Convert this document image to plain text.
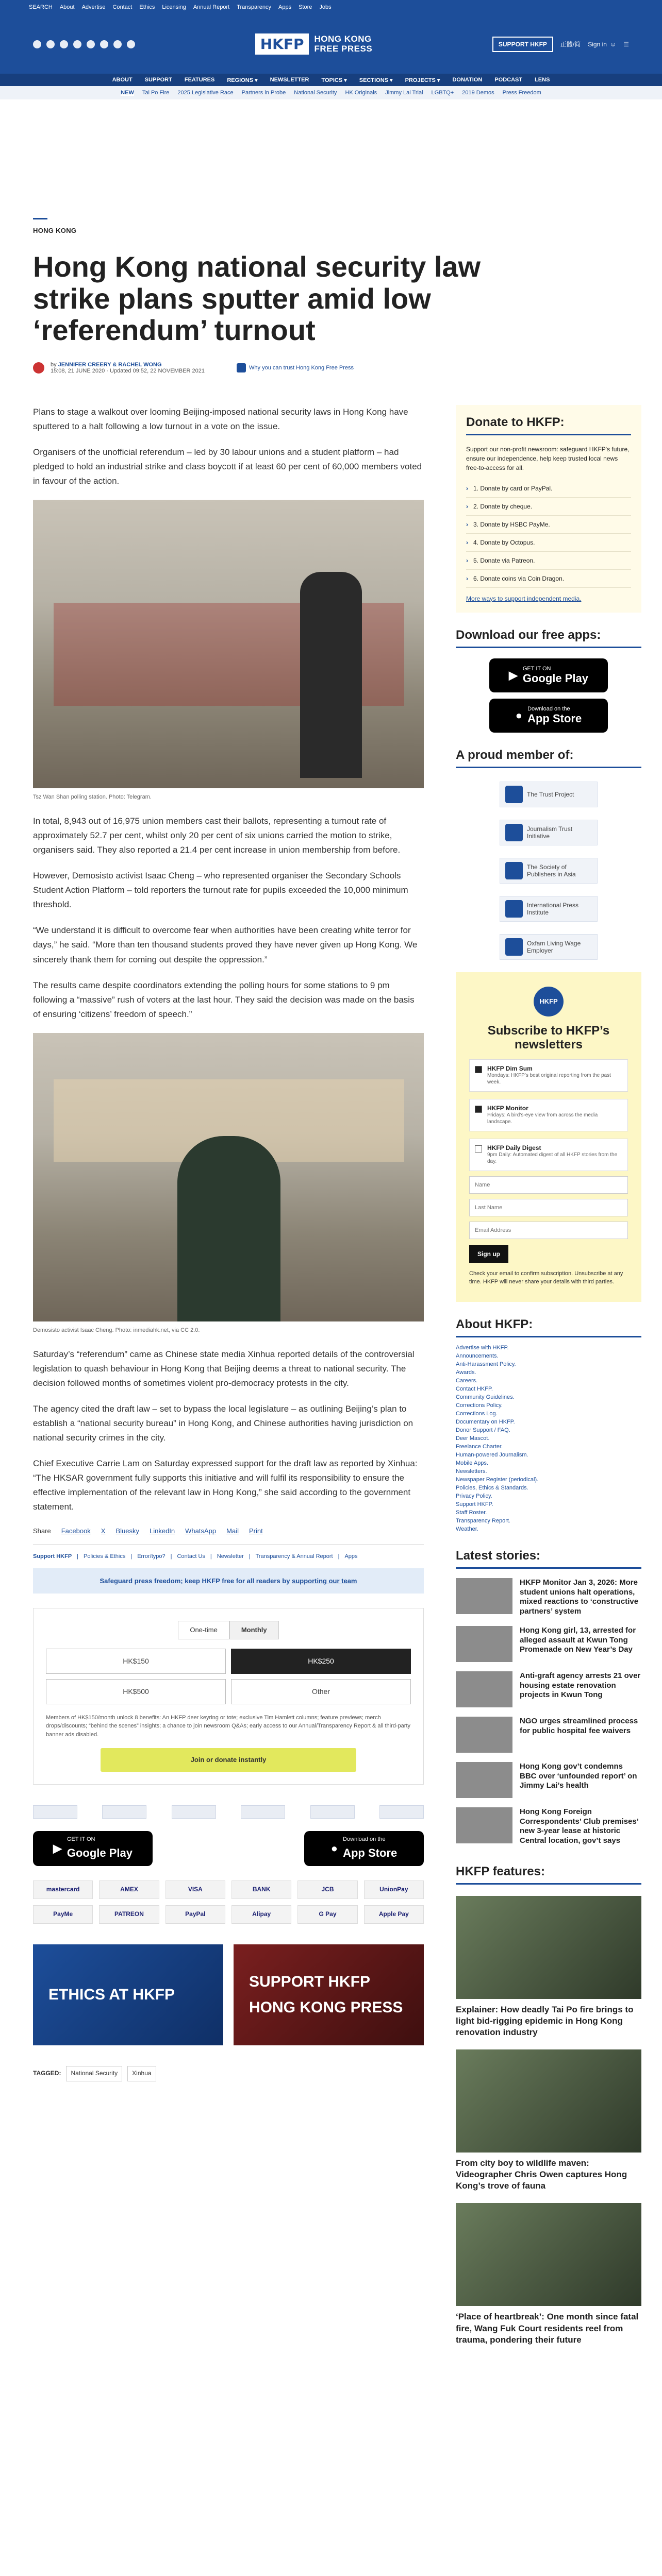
SEARCH About Advertise Contact Ethics Licensing Annual Report Transparency Apps Store Jobs
HKFP	HONG KONG
FREE PRESS	SUPPORT HKFP	正體/简 Sign in ☺ ☰
ABOUT SUPPORT FEATURES REGIONS ▾ NEWSLETTER TOPICS ▾ SECTIONS ▾ PROJECTS ▾ DONATION PODCAST LENS
NEW Tai Po Fire 2025 Legislative Race Partners in Probe National Security HK Originals Jimmy Lai Trial LGBTQ+ 2019 Demos Press Freedom
HONG KONG
Hong Kong national security law strike plans sputter amid low ‘referendum’ turnout
by JENNIFER CREERY & RACHEL WONG
15:08, 21 JUNE 2020 · Updated 09:52, 22 NOVEMBER 2021	Why you can trust Hong Kong Free Press

Plans to stage a walkout over looming Beijing-imposed national security laws in Hong Kong have sputtered to a halt following a low turnout in a vote on the issue.

Organisers of the unofficial referendum – led by 30 labour unions and a student platform – had pledged to hold an industrial strike and class boycott if at least 60 per cent of 60,000 members voted in favour of the action.

Tsz Wan Shan polling station. Photo: Telegram.

In total, 8,943 out of 16,975 union members cast their ballots, representing a turnout rate of approximately 52.7 per cent, whilst only 20 per cent of six unions carried the motion to strike, organisers said. They also reported a 21.4 per cent increase in union membership from before.

However, Demosisto activist Isaac Cheng – who represented organiser the Secondary Schools Student Action Platform – told reporters the turnout rate for pupils exceeded the 10,000 minimum threshold.

“We understand it is difficult to overcome fear when authorities have been creating white terror for days,” he said. “More than ten thousand students proved they have never given up Hong Kong. We sincerely thank them for coming out despite the oppression.”

The results came despite coordinators extending the polling hours for some stations to 9 pm following a “massive” rush of voters at the last hour. They said the decision was made on the basis of ensuring ‘citizens’ freedom of speech.”

Demosisto activist Isaac Cheng. Photo: inmediahk.net, via CC 2.0.

Saturday’s “referendum” came as Chinese state media Xinhua reported details of the controversial legislation to quash behaviour in Hong Kong that Beijing deems a threat to national security. The decision followed months of sometimes violent pro-democracy protests in the city.

The agency cited the draft law – set to bypass the local legislature – as outlining Beijing’s plan to establish a “national security bureau” in Hong Kong, and Chinese authorities having jurisdiction on national security crimes in the city.

Chief Executive Carrie Lam on Saturday expressed support for the draft law as reported by Xinhua: “The HKSAR government fully supports this initiative and will fulfil its responsibility to ensure the effective implementation of the relevant law in Hong Kong,” she said according to the government statement.

Share Facebook X Bluesky LinkedIn WhatsApp Mail Print
Support HKFP | Policies & Ethics | Error/typo? | Contact Us | Newsletter | Transparency & Annual Report | Apps
Safeguard press freedom; keep HKFP free for all readers by supporting our team
One-time	Monthly
HK$150	HK$250
HK$500	Other
Members of HK$150/month unlock 8 benefits: An HKFP deer keyring or tote; exclusive Tim Hamlett columns; feature previews; merch drops/discounts; “behind the scenes” insights; a chance to join newsroom Q&As; early access to our Annual/Transparency Report & all third-party banner ads disabled.
Join or donate instantly
▶
GET IT ON
Google Play	●
Download on the
App Store
mastercard	AMEX	VISA	BANK	JCB	UnionPay
PayMe	PATREON	PayPal	Alipay	G Pay	Apple Pay
ETHICS AT HKFP
SUPPORT HKFP HONG KONG PRESS
TAGGED:	National Security	Xinhua
Donate to HKFP:

Support our non-profit newsroom: safeguard HKFP's future, ensure our independence, help keep trusted local news free-to-access for all.

› 1. Donate by card or PayPal.
› 2. Donate by cheque.
› 3. Donate by HSBC PayMe.
› 4. Donate by Octopus.
› 5. Donate via Patreon.
› 6. Donate coins via Coin Dragon.
More ways to support independent media.
Download our free apps:
▶ GET IT ON
Google Play
● Download on the
App Store
A proud member of:
The Trust Project
Journalism Trust Initiative
The Society of Publishers in Asia
International Press Institute
Oxfam Living Wage Employer
HKFP
Subscribe to HKFP’s newsletters
HKFP Dim Sum
Mondays: HKFP’s best original reporting from the past week.
HKFP Monitor
Fridays: A bird’s-eye view from across the media landscape.
HKFP Daily Digest
9pm Daily: Automated digest of all HKFP stories from the day.
Name Last Name Email Address Sign up
Check your email to confirm subscription. Unsubscribe at any time. HKFP will never share your details with third parties.
About HKFP:
Advertise with HKFP.
Announcements.
Anti-Harassment Policy.
Awards.
Careers.
Contact HKFP.
Community Guidelines.
Corrections Policy.
Corrections Log.
Documentary on HKFP.
Donor Support / FAQ.
Deer Mascot.
Freelance Charter.
Human-powered Journalism.
Mobile Apps.
Newsletters.
Newspaper Register (periodical).
Policies, Ethics & Standards.
Privacy Policy.
Support HKFP.
Staff Roster.
Transparency Report.
Weather.
Latest stories:
HKFP Monitor Jan 3, 2026: More student unions halt operations, mixed reactions to ‘constructive partners’ system
Hong Kong girl, 13, arrested for alleged assault at Kwun Tong Promenade on New Year’s Day
Anti-graft agency arrests 21 over housing estate renovation projects in Kwun Tong
NGO urges streamlined process for public hospital fee waivers
Hong Kong gov’t condemns BBC over ‘unfounded report’ on Jimmy Lai’s health
Hong Kong Foreign Correspondents’ Club premises’ new 3-year lease at historic Central location, gov’t says
HKFP features:
Explainer: How deadly Tai Po fire brings to light bid-rigging epidemic in Hong Kong renovation industry
From city boy to wildlife maven: Videographer Chris Owen captures Hong Kong’s trove of fauna
‘Place of heartbreak’: One month since fatal fire, Wang Fuk Court residents reel from trauma, pondering their future
